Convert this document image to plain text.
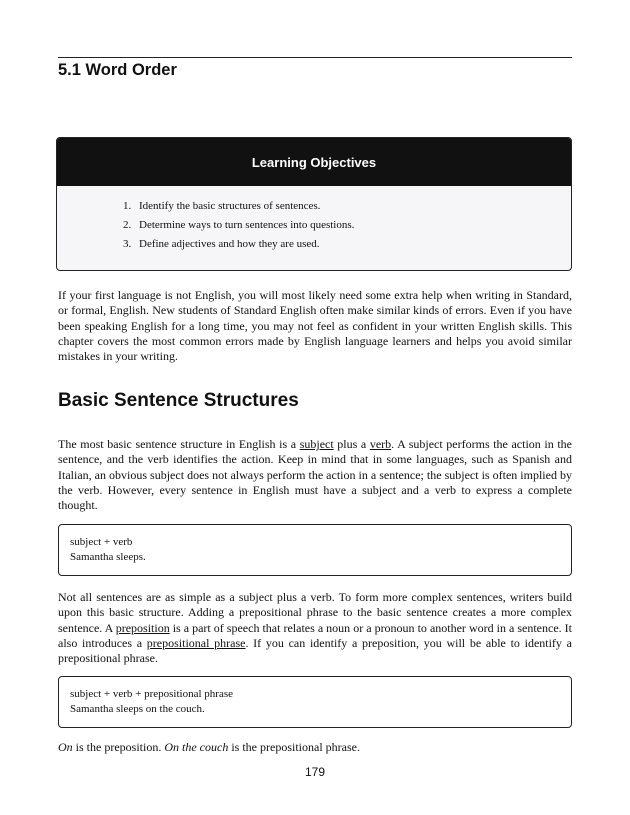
5.1 Word Order
Learning Objectives
1. Identify the basic structures of sentences.
2. Determine ways to turn sentences into questions.
3. Define adjectives and how they are used.

If your first language is not English, you will most likely need some extra help when writing in Standard, or formal, English. New students of Standard English often make similar kinds of errors. Even if you have been speaking English for a long time, you may not feel as confident in your written English skills. This chapter covers the most common errors made by English language learners and helps you avoid similar mistakes in your writing.

Basic Sentence Structures

The most basic sentence structure in English is a subject plus a verb. A subject performs the action in the sentence, and the verb identifies the action. Keep in mind that in some languages, such as Spanish and Italian, an obvious subject does not always perform the action in a sentence; the subject is often implied by the verb. However, every sentence in English must have a subject and a verb to express a complete thought.

subject + verb
Samantha sleeps.

Not all sentences are as simple as a subject plus a verb. To form more complex sentences, writers build upon this basic structure. Adding a prepositional phrase to the basic sentence creates a more complex sentence. A preposition is a part of speech that relates a noun or a pronoun to another word in a sentence. It also introduces a prepositional phrase. If you can identify a preposition, you will be able to identify a prepositional phrase.

subject + verb + prepositional phrase
Samantha sleeps on the couch.

On is the preposition. On the couch is the prepositional phrase.

179
